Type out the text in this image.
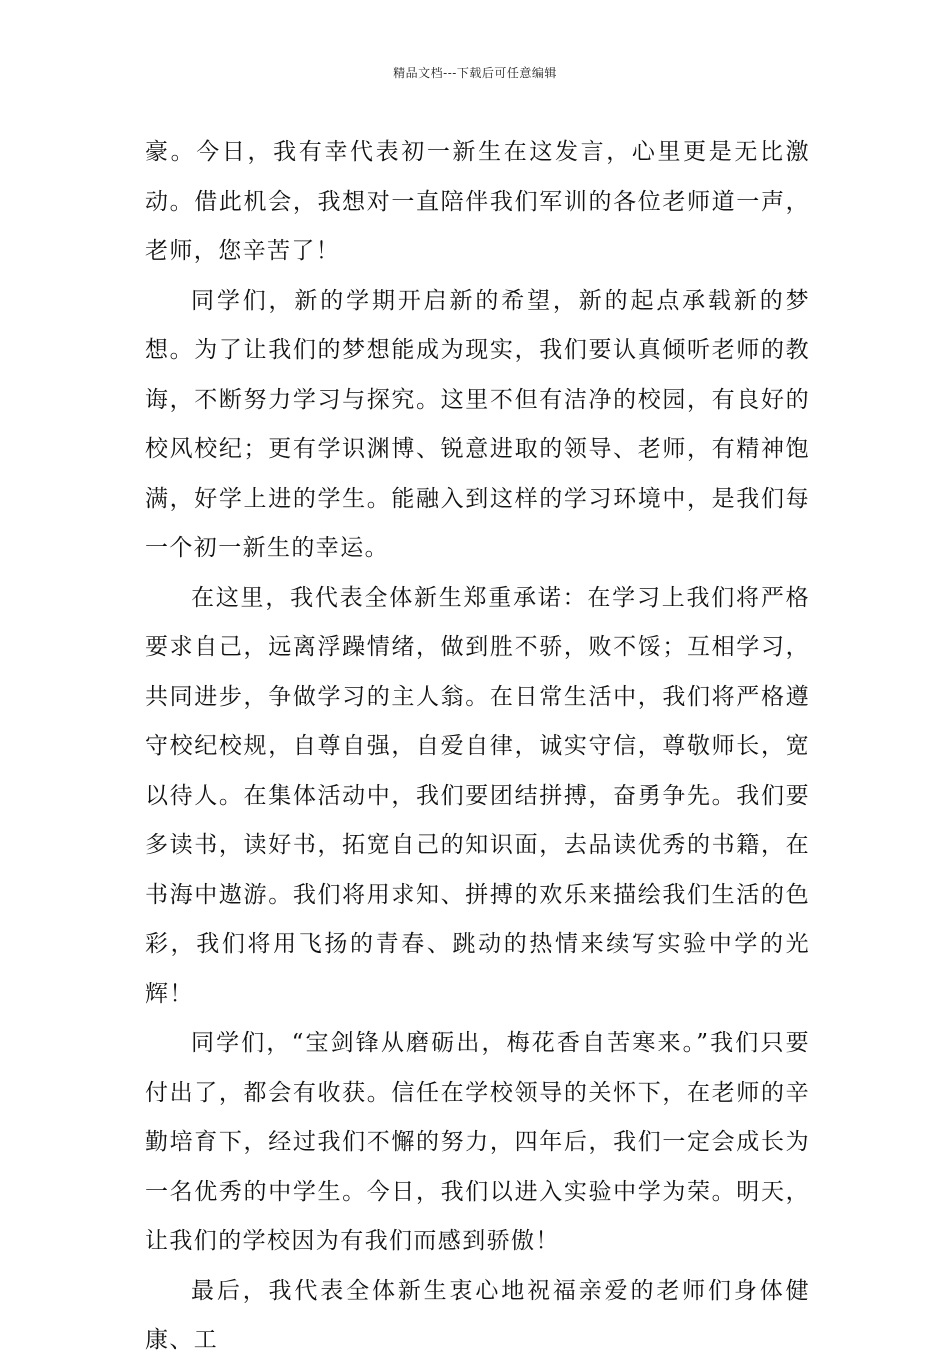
精品文档---下载后可任意编辑

豪。今日，我有幸代表初一新生在这发言，心里更是无比激动。借此机会，我想对一直陪伴我们军训的各位老师道一声，老师，您辛苦了！

同学们，新的学期开启新的希望，新的起点承载新的梦想。为了让我们的梦想能成为现实，我们要认真倾听老师的教诲，不断努力学习与探究。这里不但有洁净的校园，有良好的校风校纪；更有学识渊博、锐意进取的领导、老师，有精神饱满，好学上进的学生。能融入到这样的学习环境中，是我们每一个初一新生的幸运。

在这里，我代表全体新生郑重承诺：在学习上我们将严格要求自己，远离浮躁情绪，做到胜不骄，败不馁；互相学习，共同进步，争做学习的主人翁。在日常生活中，我们将严格遵守校纪校规，自尊自强，自爱自律，诚实守信，尊敬师长，宽以待人。在集体活动中，我们要团结拼搏，奋勇争先。我们要多读书，读好书，拓宽自己的知识面，去品读优秀的书籍，在书海中遨游。我们将用求知、拼搏的欢乐来描绘我们生活的色彩，我们将用飞扬的青春、跳动的热情来续写实验中学的光辉！

同学们，“宝剑锋从磨砺出，梅花香自苦寒来。”我们只要付出了，都会有收获。信任在学校领导的关怀下，在老师的辛勤培育下，经过我们不懈的努力，四年后，我们一定会成长为一名优秀的中学生。今日，我们以进入实验中学为荣。明天，让我们的学校因为有我们而感到骄傲！

最后，我代表全体新生衷心地祝福亲爱的老师们身体健康、工
